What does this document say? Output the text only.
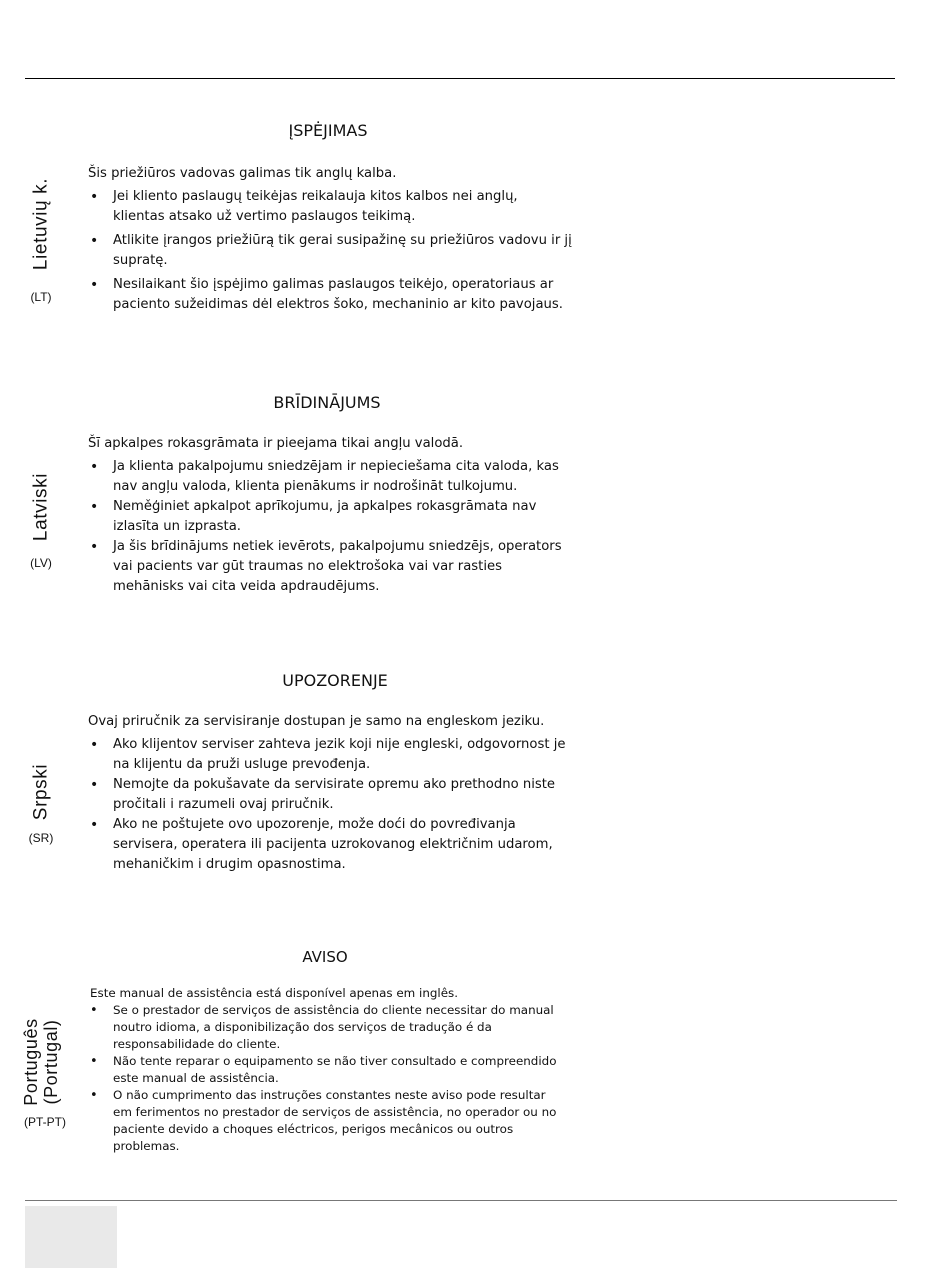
Lietuvių k.
(LT)
ĮSPĖJIMAS
Šis priežiūros vadovas galimas tik anglų kalba.
• Jei kliento paslaugų teikėjas reikalauja kitos kalbos nei anglų, klientas atsako už vertimo paslaugos teikimą.
• Atlikite įrangos priežiūrą tik gerai susipažinę su priežiūros vadovu ir jį supratę.
• Nesilaikant šio įspėjimo galimas paslaugos teikėjo, operatoriaus ar paciento sužeidimas dėl elektros šoko, mechaninio ar kito pavojaus.
Latviski
(LV)
BRĪDINĀJUMS
Šī apkalpes rokasgrāmata ir pieejama tikai angļu valodā.
• Ja klienta pakalpojumu sniedzējam ir nepieciešama cita valoda, kas nav angļu valoda, klienta pienākums ir nodrošināt tulkojumu.
• Neměģiniet apkalpot aprīkojumu, ja apkalpes rokasgrāmata nav izlasīta un izprasta.
• Ja šis brīdinājums netiek ievērots, pakalpojumu sniedzējs, operators vai pacients var gūt traumas no elektrošoka vai var rasties mehānisks vai cita veida apdraudējums.
Srpski
(SR)
UPOZORENJE
Ovaj priručnik za servisiranje dostupan je samo na engleskom jeziku.
• Ako klijentov serviser zahteva jezik koji nije engleski, odgovornost je na klijentu da pruži usluge prevođenja.
• Nemojte da pokušavate da servisirate opremu ako prethodno niste pročitali i razumeli ovaj priručnik.
• Ako ne poštujete ovo upozorenje, može doći do povređivanja servisera, operatera ili pacijenta uzrokovanog električnim udarom, mehaničkim i drugim opasnostima.
Português (Portugal)
(PT-PT)
AVISO
Este manual de assistência está disponível apenas em inglês.
• Se o prestador de serviços de assistência do cliente necessitar do manual noutro idioma, a disponibilização dos serviços de tradução é da responsabilidade do cliente.
• Não tente reparar o equipamento se não tiver consultado e compreendido este manual de assistência.
• O não cumprimento das instruções constantes neste aviso pode resultar em ferimentos no prestador de serviços de assistência, no operador ou no paciente devido a choques eléctricos, perigos mecânicos ou outros problemas.
